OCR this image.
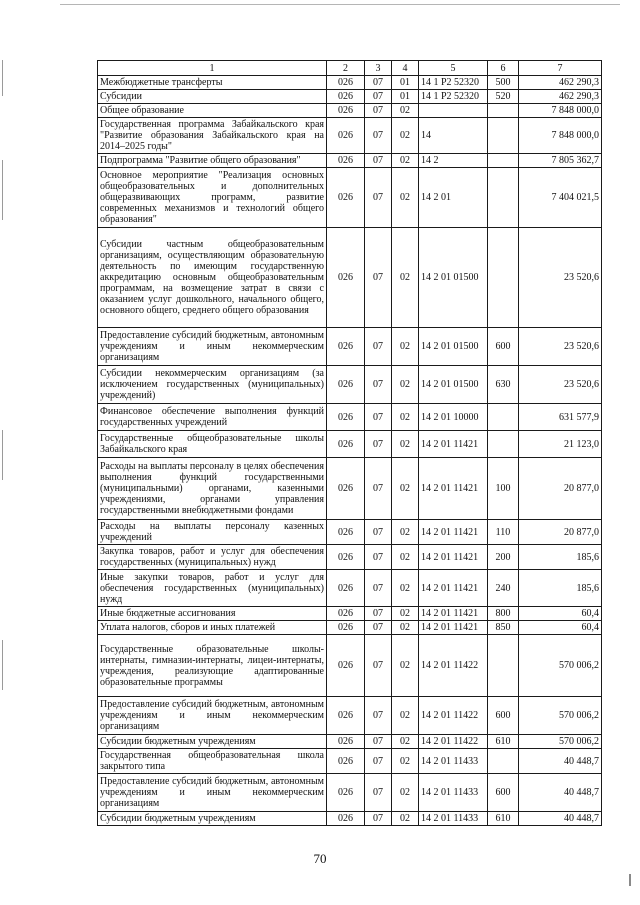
1	2	3	4	5	6	7
Межбюджетные трансферты	026	07	01	14 1 P2 52320	500	462 290,3
Субсидии	026	07	01	14 1 P2 52320	520	462 290,3
Общее образование	026	07	02			7 848 000,0
Государственная программа Забайкальского края "Развитие образования Забайкальского края на 2014–2025 годы"	026	07	02	14		7 848 000,0
Подпрограмма "Развитие общего образования"	026	07	02	14 2		7 805 362,7
Основное мероприятие "Реализация основных общеобразовательных и дополнительных общеразвивающих программ, развитие современных механизмов и технологий общего образования"	026	07	02	14 2 01		7 404 021,5
Субсидии частным общеобразовательным организациям, осуществляющим образовательную деятельность по имеющим государственную аккредитацию основным общеобразовательным программам, на возмещение затрат в связи с оказанием услуг дошкольного, начального общего, основного общего, среднего общего образования	026	07	02	14 2 01 01500		23 520,6
Предоставление субсидий бюджетным, автономным учреждениям и иным некоммерческим организациям	026	07	02	14 2 01 01500	600	23 520,6
Субсидии некоммерческим организациям (за исключением государственных (муниципальных) учреждений)	026	07	02	14 2 01 01500	630	23 520,6
Финансовое обеспечение выполнения функций государственных учреждений	026	07	02	14 2 01 10000		631 577,9
Государственные общеобразовательные школы Забайкальского края	026	07	02	14 2 01 11421		21 123,0
Расходы на выплаты персоналу в целях обеспечения выполнения функций государственными (муниципальными) органами, казенными учреждениями, органами управления государственными внебюджетными фондами	026	07	02	14 2 01 11421	100	20 877,0
Расходы на выплаты персоналу казенных учреждений	026	07	02	14 2 01 11421	110	20 877,0
Закупка товаров, работ и услуг для обеспечения государственных (муниципальных) нужд	026	07	02	14 2 01 11421	200	185,6
Иные закупки товаров, работ и услуг для обеспечения государственных (муниципальных) нужд	026	07	02	14 2 01 11421	240	185,6
Иные бюджетные ассигнования	026	07	02	14 2 01 11421	800	60,4
Уплата налогов, сборов и иных платежей	026	07	02	14 2 01 11421	850	60,4
Государственные образовательные школы-интернаты, гимназии-интернаты, лицеи-интернаты, учреждения, реализующие адаптированные образовательные программы	026	07	02	14 2 01 11422		570 006,2
Предоставление субсидий бюджетным, автономным учреждениям и иным некоммерческим организациям	026	07	02	14 2 01 11422	600	570 006,2
Субсидии бюджетным учреждениям	026	07	02	14 2 01 11422	610	570 006,2
Государственная общеобразовательная школа закрытого типа	026	07	02	14 2 01 11433		40 448,7
Предоставление субсидий бюджетным, автономным учреждениям и иным некоммерческим организациям	026	07	02	14 2 01 11433	600	40 448,7
Субсидии бюджетным учреждениям	026	07	02	14 2 01 11433	610	40 448,7
70
